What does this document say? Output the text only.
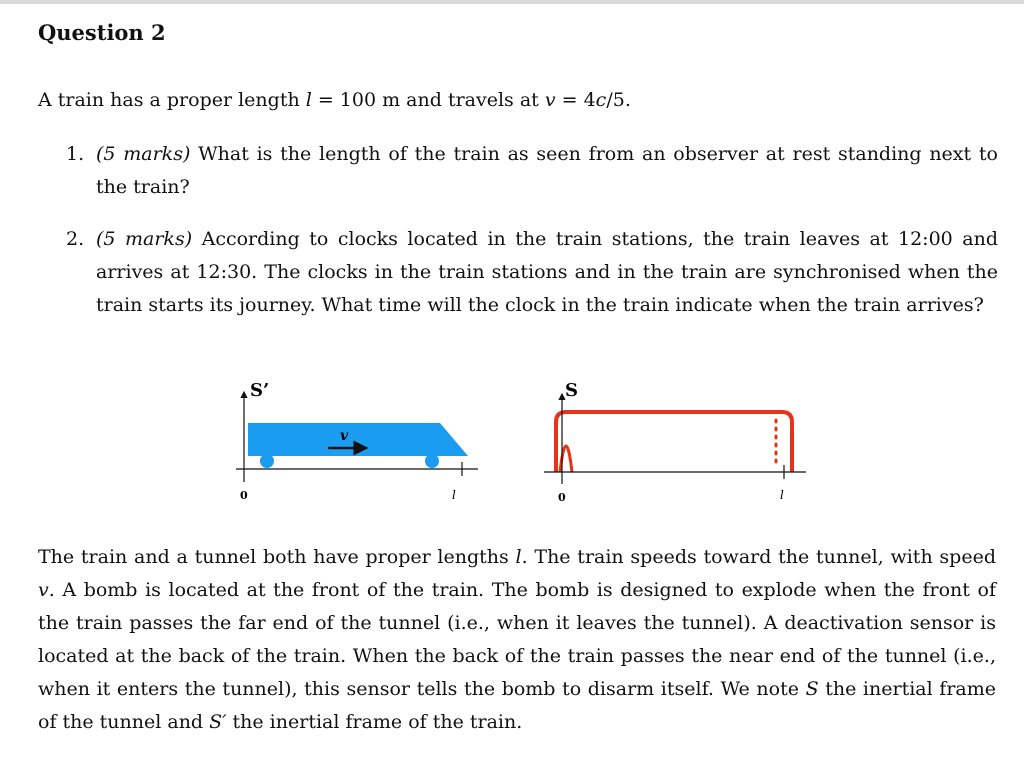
Question 2

A train has a proper length l = 100 m and travels at v = 4c/5.

1. (5 marks) What is the length of the train as seen from an observer at rest standing next to the train?
2. (5 marks) According to clocks located in the train stations, the train leaves at 12:00 and arrives at 12:30. The clocks in the train stations and in the train are synchronised when the train starts its journey. What time will the clock in the train indicate when the train arrives?
v
S’
0	l
S
0	l

The train and a tunnel both have proper lengths l. The train speeds toward the tunnel, with speed v. A bomb is located at the front of the train. The bomb is designed to explode when the front of the train passes the far end of the tunnel (i.e., when it leaves the tunnel). A deactivation sensor is located at the back of the train. When the back of the train passes the near end of the tunnel (i.e., when it enters the tunnel), this sensor tells the bomb to disarm itself. We note S the inertial frame of the tunnel and S′ the inertial frame of the train.
